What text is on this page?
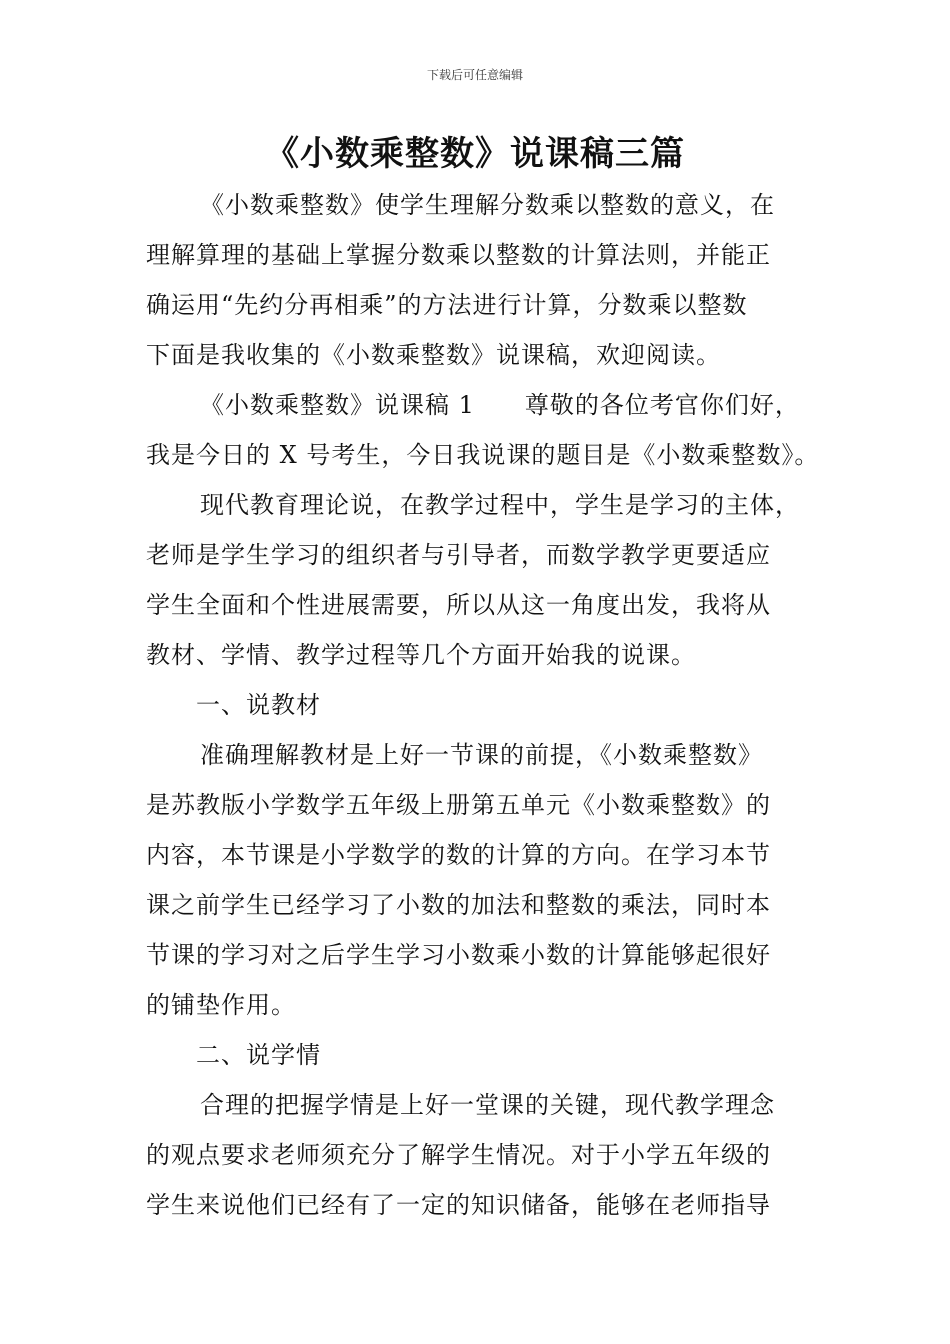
下载后可任意编辑
《小数乘整数》说课稿三篇
《小数乘整数》使学生理解分数乘以整数的意义，在
理解算理的基础上掌握分数乘以整数的计算法则，并能正
确运用“先约分再相乘”的方法进行计算，分数乘以整数
下面是我收集的《小数乘整数》说课稿，欢迎阅读。
《小数乘整数》说课稿 1　　尊敬的各位考官你们好，
我是今日的 X 号考生，今日我说课的题目是《小数乘整数》。
现代教育理论说，在教学过程中，学生是学习的主体，
老师是学生学习的组织者与引导者，而数学教学更要适应
学生全面和个性进展需要，所以从这一角度出发，我将从
教材、学情、教学过程等几个方面开始我的说课。
一、说教材
准确理解教材是上好一节课的前提，《小数乘整数》
是苏教版小学数学五年级上册第五单元《小数乘整数》的
内容，本节课是小学数学的数的计算的方向。在学习本节
课之前学生已经学习了小数的加法和整数的乘法，同时本
节课的学习对之后学生学习小数乘小数的计算能够起很好
的铺垫作用。
二、说学情
合理的把握学情是上好一堂课的关键，现代教学理念
的观点要求老师须充分了解学生情况。对于小学五年级的
学生来说他们已经有了一定的知识储备，能够在老师指导
